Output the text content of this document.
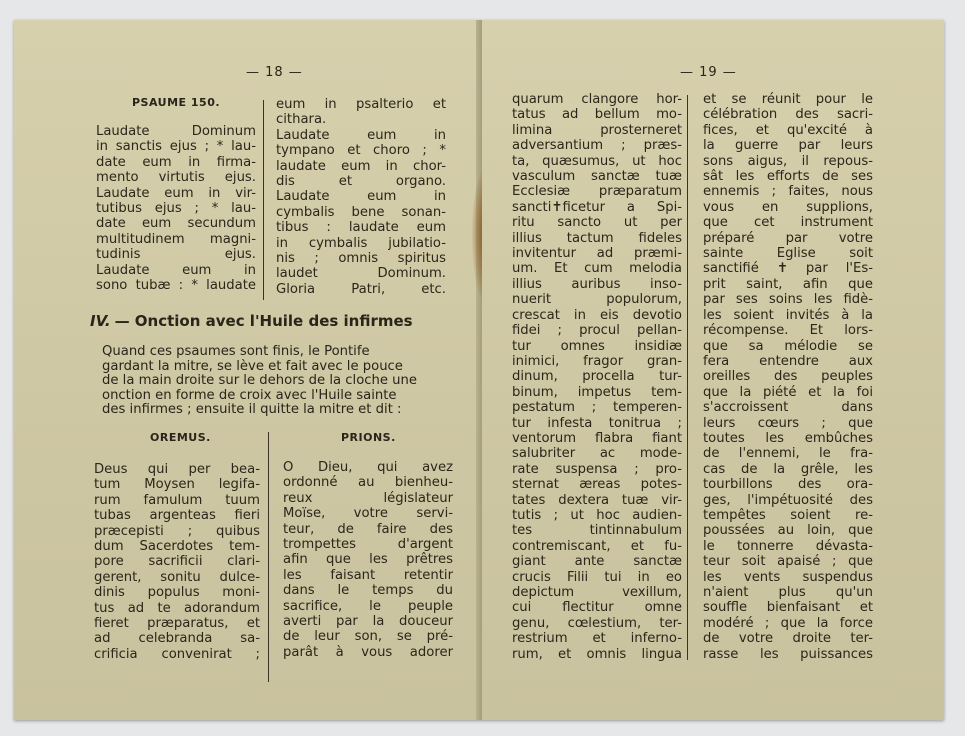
— 18 —
PSAUME 150.
Laudate   Dominum
in sanctis ejus ; * lau-
date  eum  in  firma-
mento virtutis ejus.
Laudate eum in vir-
tutibus ejus ; * lau-
date  eum  secundum
multitudinem  magni-
tudinis ejus.
Laudate  eum  in
sono tubæ : * laudate
eum in psalterio et
cithara.
Laudate  eum  in
tympano et choro ; *
laudate eum in chor-
dis et organo.
Laudate  eum  in
cymbalis bene sonan-
tibus : laudate eum
in cymbalis jubilatio-
nis ; omnis spiritus
laudet Dominum.
Gloria Patri, etc.
IV. — Onction avec l'Huile des infirmes
Quand ces psaumes sont finis, le Pontife
gardant la mitre, se lève et fait avec le pouce
de la main droite sur le dehors de la cloche une
onction en forme de croix avec l'Huile sainte
des infirmes ; ensuite il quitte la mitre et dit :
OREMUS.	PRIONS.
Deus qui per bea-
tum Moysen legifa-
rum famulum tuum
tubas argenteas fieri
præcepisti ; quibus
dum Sacerdotes tem-
pore sacrificii clari-
gerent, sonitu dulce-
dinis populus moni-
tus ad te adorandum
fieret præparatus, et
ad celebranda sa-
crificia convenirat ;
O Dieu, qui avez
ordonné au bienheu-
reux législateur
Moïse, votre servi-
teur, de faire des
trompettes d'argent
afin que les prêtres
les faisant retentir
dans le temps du
sacrifice, le peuple
averti par la douceur
de leur son, se pré-
parât à vous adorer
— 19 —
quarum clangore hor-
tatus ad bellum mo-
limina prosterneret
adversantium ; præs-
ta, quæsumus, ut hoc
vasculum sanctæ tuæ
Ecclesiæ præparatum
sancti✝ficetur a Spi-
ritu sancto ut per
illius tactum fideles
invitentur ad præmi-
um. Et cum melodia
illius auribus inso-
nuerit populorum,
crescat in eis devotio
fidei ; procul pellan-
tur omnes insidiæ
inimici, fragor gran-
dinum, procella tur-
binum, impetus tem-
pestatum ; temperen-
tur infesta tonitrua ;
ventorum flabra fiant
salubriter ac mode-
rate suspensa ; pro-
sternat æreas potes-
tates dextera tuæ vir-
tutis ; ut hoc audien-
tes tintinnabulum
contremiscant, et fu-
giant ante sanctæ
crucis Filii tui in eo
depictum vexillum,
cui flectitur omne
genu, cœlestium, ter-
restrium et inferno-
rum, et omnis lingua
et se réunit pour le
célébration des sacri-
fices, et qu'excité à
la guerre par leurs
sons aigus, il repous-
sât les efforts de ses
ennemis ; faites, nous
vous en supplions,
que cet instrument
préparé par votre
sainte Eglise soit
sanctifié ✝ par l'Es-
prit saint, afin que
par ses soins les fidè-
les soient invités à la
récompense. Et lors-
que sa mélodie se
fera entendre aux
oreilles des peuples
que la piété et la foi
s'accroissent dans
leurs cœurs ; que
toutes les embûches
de l'ennemi, le fra-
cas de la grêle, les
tourbillons des ora-
ges, l'impétuosité des
tempêtes soient re-
poussées au loin, que
le tonnerre dévasta-
teur soit apaisé ; que
les vents suspendus
n'aient plus qu'un
souffle bienfaisant et
modéré ; que la force
de votre droite ter-
rasse les puissances
